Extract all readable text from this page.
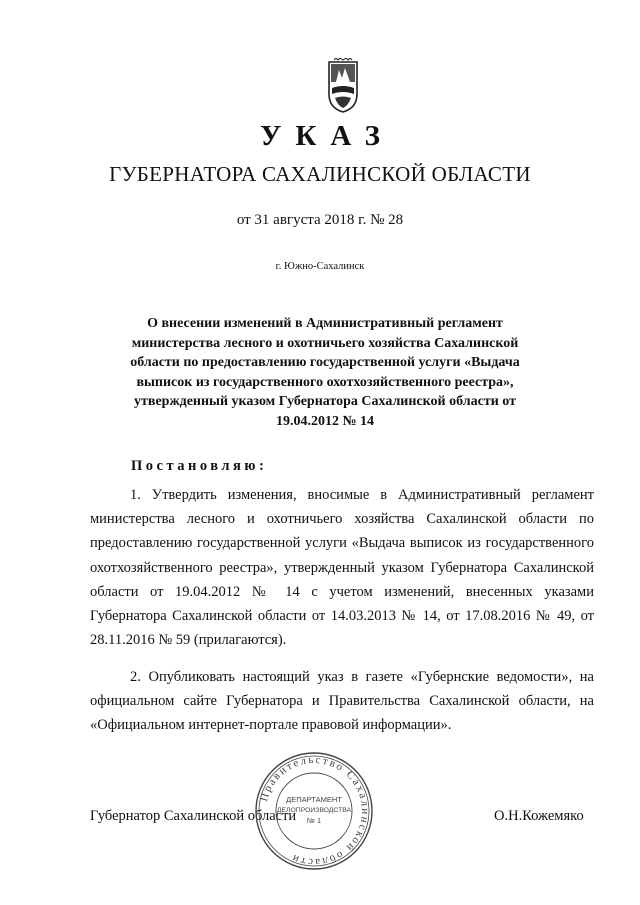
УКАЗ
ГУБЕРНАТОРА САХАЛИНСКОЙ ОБЛАСТИ
от 31 августа 2018 г. № 28
г. Южно-Сахалинск
О внесении изменений в Административный регламент министерства лесного и охотничьего хозяйства Сахалинской области по предоставлению государственной услуги «Выдача выписок из государственного охотхозяйственного реестра», утвержденный указом Губернатора Сахалинской области от 19.04.2012 № 14
Постановляю:
1. Утвердить изменения, вносимые в Административный регламент министерства лесного и охотничьего хозяйства Сахалинской области по предоставлению государственной услуги «Выдача выписок из государственного охотхозяйственного реестра», утвержденный указом Губернатора Сахалинской области от 19.04.2012 № 14 с учетом изменений, внесенных указами Губернатора Сахалинской области от 14.03.2013 № 14, от 17.08.2016 № 49, от 28.11.2016 № 59 (прилагаются).
2. Опубликовать настоящий указ в газете «Губернские ведомости», на официальном сайте Губернатора и Правительства Сахалинской области, на «Официальном интернет-портале правовой информации».
Губернатор Сахалинской области	О.Н.Кожемяко
Правительство Сахалинской области
ДЕПАРТАМЕНТ
ДЕЛОПРОИЗВОДСТВА
№ 1
